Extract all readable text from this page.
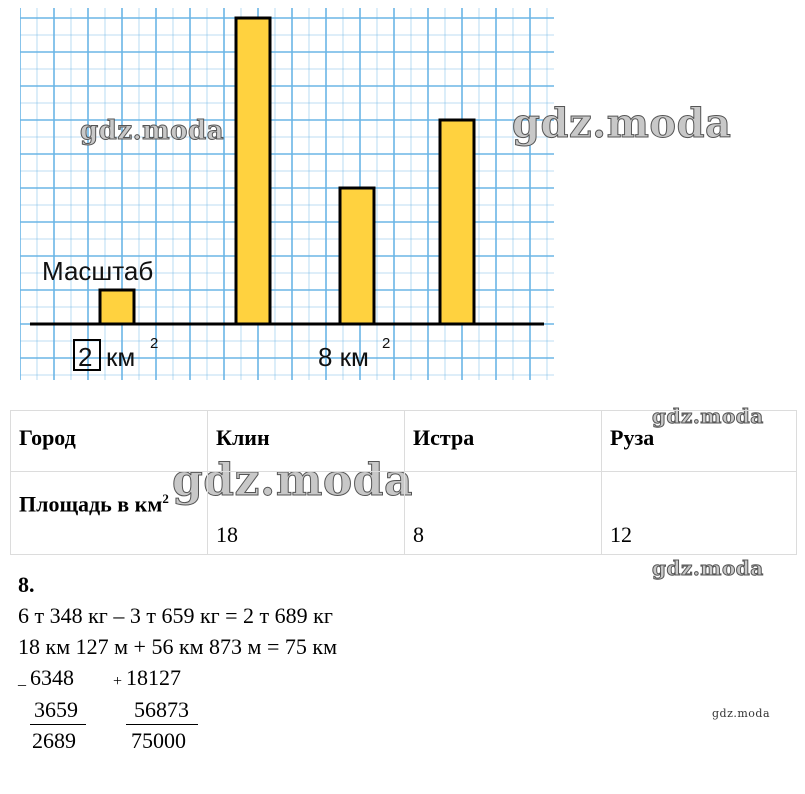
Масштаб
2 км 2	8 км 2
gdz.moda	gdz.moda
gdz.moda
gdz.moda
gdz.moda
gdz.moda
Город	Клин	Истра	Руза
Площадь в $км^2$	18	8	12
8.
6 т 348 кг – 3 т 659 кг = 2 т 689 кг
18 км 127 м + 56 км 873 м = 75 км
_ 6348
3659
2689
+ 18127
56873
75000
